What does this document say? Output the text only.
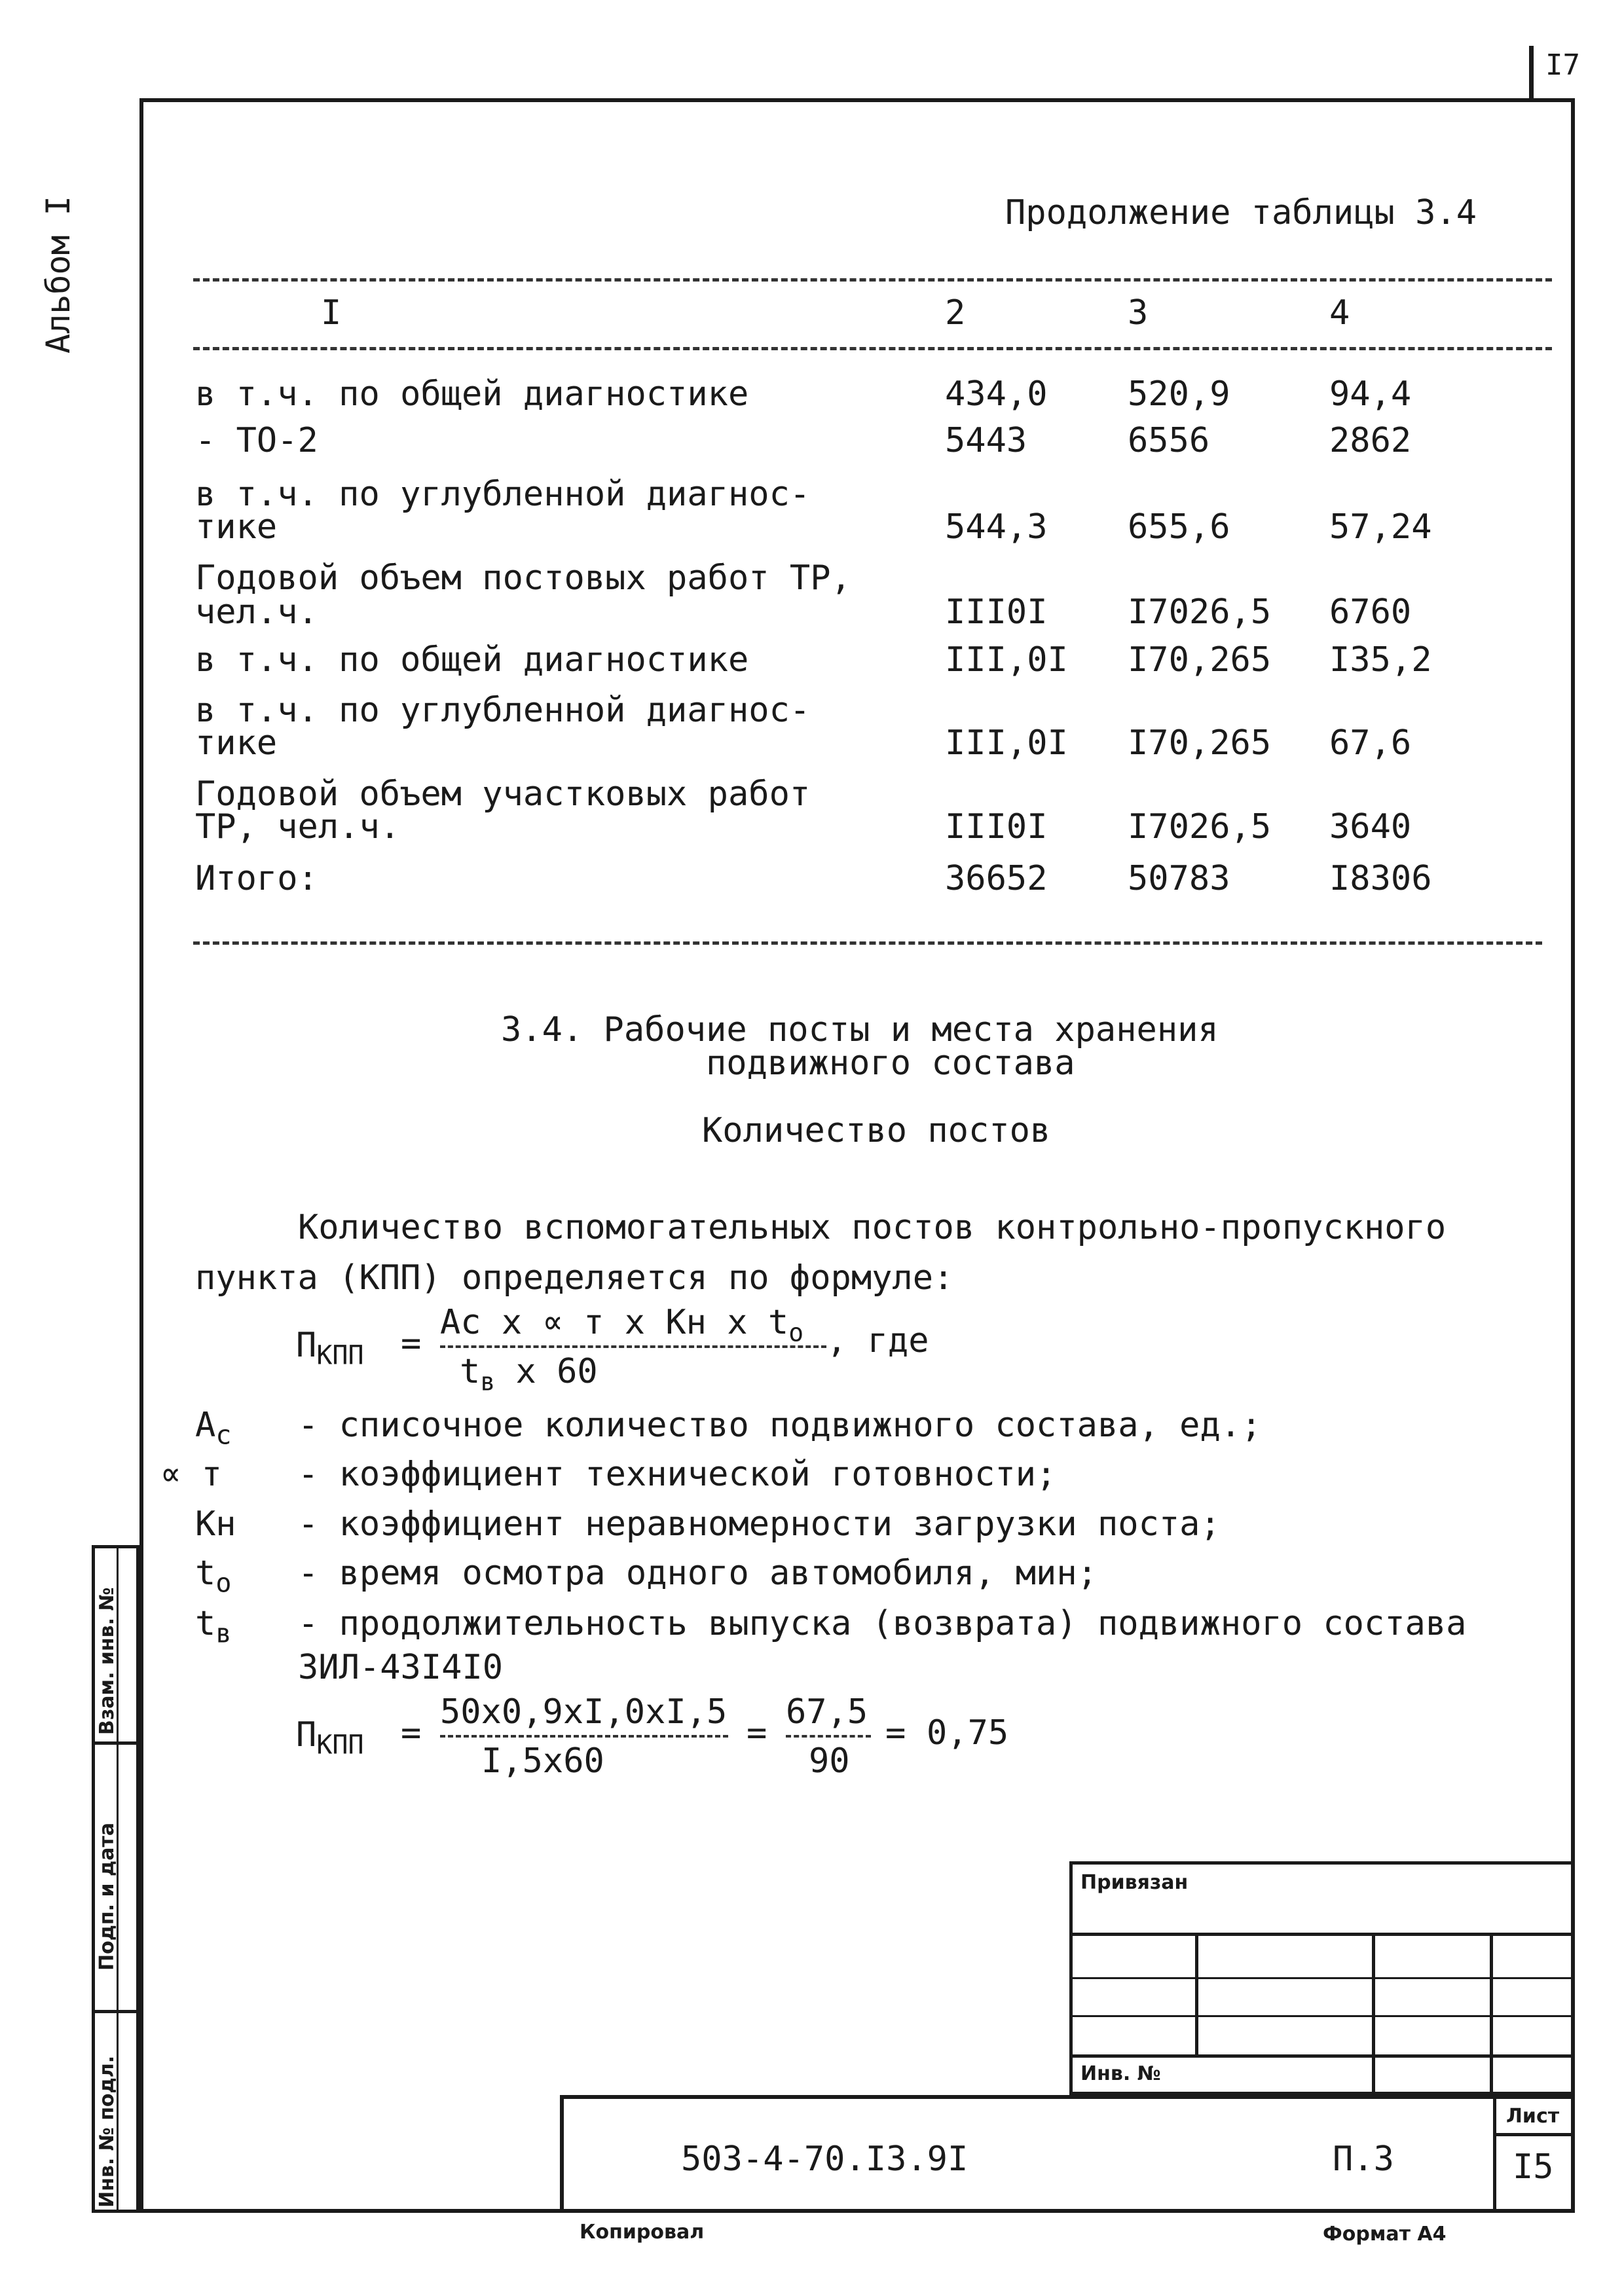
I7
Альбом I	Продолжение таблицы 3.4
I	2	3	4
в т.ч. по общей диагностике	434,0 520,9	94,4
- ТО-2	5443	6556	2862
в т.ч. по углубленной диагнос-
тике	544,3 655,6	57,24
Годовой объем постовых работ ТР,
чел.ч.	III0I I7026,5 6760
в т.ч. по общей диагностике	III,0I I70,265 I35,2
в т.ч. по углубленной диагнос-
тике	III,0I I70,265 67,6
Годовой объем участковых работ
ТР, чел.ч.	III0I I7026,5 3640
Итого:	36652 50783	I8306
3.4. Рабочие посты и места хранения
подвижного состава
Количество постов
Количество вспомогательных постов контрольно-пропускного
пункта (КПП) определяется по формуле:
$П_{КПП}$ =
Ас х ∝ т х Кн х $t_о$
$t_в$ х 60
, где
$А_с$ - списочное количество подвижного состава, ед.;
∝ т - коэффициент технической готовности;
Кн - коэффициент неравномерности загрузки поста;
$t_о$ - время осмотра одного автомобиля, мин;
$t_в$ - продолжительность выпуска (возврата) подвижного состава
ЗИЛ-43I4I0
$П_{КПП}$ =
50х0,9хI,0хI,5
I,5х60
=
67,5
90
= 0,75
Взам. инв. №
Подп. и дата
Инв. № подл.
Привязан
Инв. №
503-4-70.I3.9I	П.3
Лист
I5
Копировал	Формат А4
